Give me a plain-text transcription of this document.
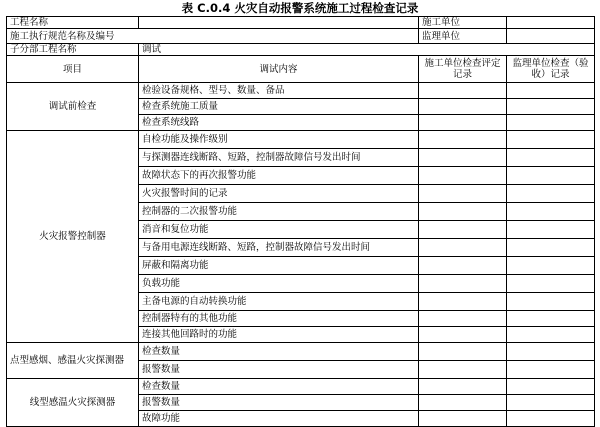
表 C.0.4 火灾自动报警系统施工过程检查记录
工程名称		施工单位	
施工执行规范名称及编号		监理单位	
子分部工程名称	调试		
项目	调试内容	施工单位检查评定记录	监理单位检查（验收）记录
调试前检查	检验设备规格、型号、数量、备品		
	检查系统施工质量		
	检查系统线路		
火灾报警控制器	自检功能及操作级别		
	与探测器连线断路、短路，控制器故障信号发出时间		
	故障状态下的再次报警功能		
	火灾报警时间的记录		
	控制器的二次报警功能		
	消音和复位功能		
	与备用电源连线断路、短路，控制器故障信号发出时间		
	屏蔽和隔离功能		
	负载功能		
	主备电源的自动转换功能		
	控制器特有的其他功能		
	连接其他回路时的功能		
点型感烟、感温火灾探测器	检查数量		
	报警数量		
线型感温火灾探测器	检查数量		
	报警数量		
	故障功能		
